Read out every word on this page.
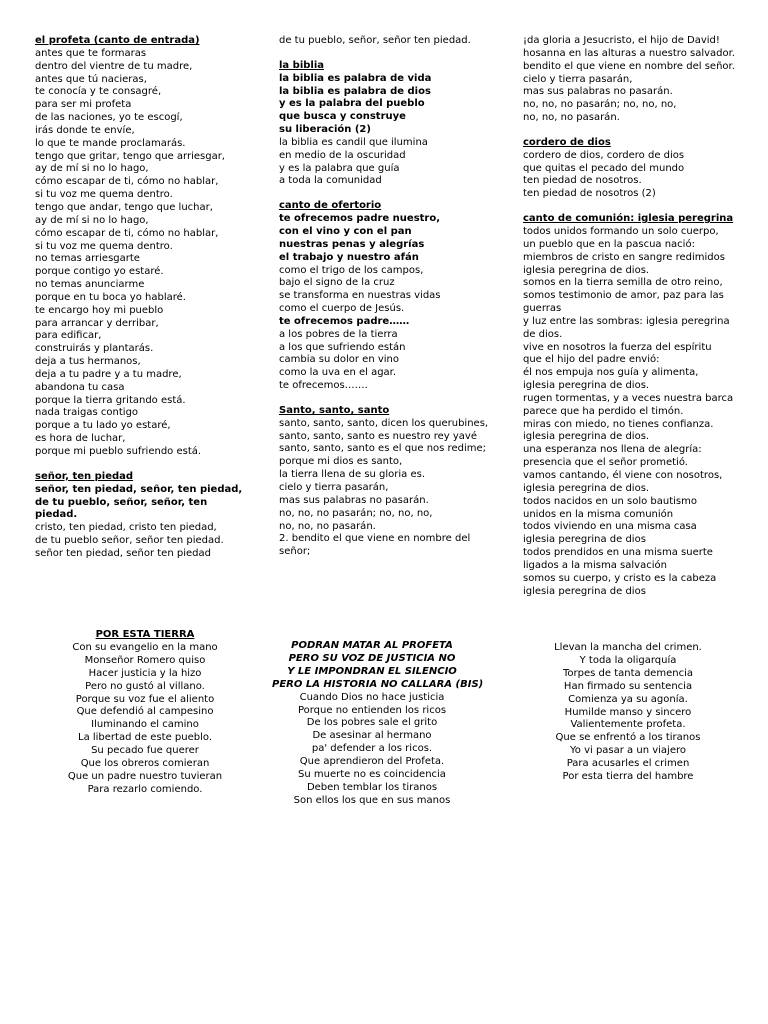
el profeta (canto de entrada)
antes que te formaras
dentro del vientre de tu madre,
antes que tú nacieras,
te conocía y te consagré,
para ser mi profeta
de las naciones, yo te escogí,
irás donde te envíe,
lo que te mande proclamarás.
tengo que gritar, tengo que arriesgar,
ay de mí si no lo hago,
cómo escapar de ti, cómo no hablar,
si tu voz me quema dentro.
tengo que andar, tengo que luchar,
ay de mí si no lo hago,
cómo escapar de ti, cómo no hablar,
si tu voz me quema dentro.
no temas arriesgarte
porque contigo yo estaré.
no temas anunciarme
porque en tu boca yo hablaré.
te encargo hoy mi pueblo
para arrancar y derribar,
para edificar,
construirás y plantarás.
deja a tus hermanos,
deja a tu padre y a tu madre,
abandona tu casa
porque la tierra gritando está.
nada traigas contigo
porque a tu lado yo estaré,
es hora de luchar,
porque mi pueblo sufriendo está.
señor, ten piedad
señor, ten piedad, señor, ten piedad,
de tu pueblo, señor, señor, ten
piedad.
cristo, ten piedad, cristo ten piedad,
de tu pueblo señor, señor ten piedad.
señor ten piedad, señor ten piedad
de tu pueblo, señor, señor ten piedad.
la biblia
la biblia es palabra de vida
la biblia es palabra de dios
y es la palabra del pueblo
que busca y construye
su liberación (2)
la biblia es candil que ilumina
en medio de la oscuridad
y es la palabra que guía
a toda la comunidad
canto de ofertorio
te ofrecemos padre nuestro,
con el vino y con el pan
nuestras penas y alegrías
el trabajo y nuestro afán
como el trigo de los campos,
bajo el signo de la cruz
se transforma en nuestras vidas
como el cuerpo de Jesús.
te ofrecemos padre……
a los pobres de la tierra
a los que sufriendo están
cambia su dolor en vino
como la uva en el agar.
te ofrecemos…….
Santo, santo, santo
santo, santo, santo, dicen los querubines,
santo, santo, santo es nuestro rey yavé
santo, santo, santo es el que nos redime;
porque mi dios es santo,
la tierra llena de su gloria es.
cielo y tierra pasarán,
mas sus palabras no pasarán.
no, no, no pasarán; no, no, no,
no, no, no pasarán.
2. bendito el que viene en nombre del
señor;
¡da gloria a Jesucristo, el hijo de David!
hosanna en las alturas a nuestro salvador.
bendito el que viene en nombre del señor.
cielo y tierra pasarán,
mas sus palabras no pasarán.
no, no, no pasarán; no, no, no,
no, no, no pasarán.
cordero de dios
cordero de dios, cordero de dios
que quitas el pecado del mundo
ten piedad de nosotros.
ten piedad de nosotros (2)
canto de comunión: iglesia peregrina
todos unidos formando un solo cuerpo,
un pueblo que en la pascua nació:
miembros de cristo en sangre redimidos
iglesia peregrina de dios.
somos en la tierra semilla de otro reino,
somos testimonio de amor, paz para las
guerras
y luz entre las sombras: iglesia peregrina
de dios.
vive en nosotros la fuerza del espíritu
que el hijo del padre envió:
él nos empuja nos guía y alimenta,
iglesia peregrina de dios.
rugen tormentas, y a veces nuestra barca
parece que ha perdido el timón.
miras con miedo, no tienes confianza.
iglesia peregrina de dios.
una esperanza nos llena de alegría:
presencia que el señor prometió.
vamos cantando, él viene con nosotros,
iglesia peregrina de dios.
todos nacidos en un solo bautismo
unidos en la misma comunión
todos viviendo en una misma casa
iglesia peregrina de dios
todos prendidos en una misma suerte
ligados a la misma salvación
somos su cuerpo, y cristo es la cabeza
iglesia peregrina de dios
POR ESTA TIERRA
Con su evangelio en la mano
Monseñor Romero quiso
Hacer justicia y la hizo
Pero no gustó al villano.
Porque su voz fue el aliento
Que defendió al campesino
Iluminando el camino
La libertad de este pueblo.
Su pecado fue querer
Que los obreros comieran
Que un padre nuestro tuvieran
Para rezarlo comiendo.
PODRAN MATAR AL PROFETA
PERO SU VOZ DE JUSTICIA NO
Y LE IMPONDRAN EL SILENCIO
PERO LA HISTORIA NO CALLARA (BIS)
Cuando Dios no hace justicia
Porque no entienden los ricos
De los pobres sale el grito
De asesinar al hermano
pa' defender a los ricos.
Que aprendieron del Profeta.
Su muerte no es coincidencia
Deben temblar los tiranos
Son ellos los que en sus manos
Llevan la mancha del crimen.
Y toda la oligarquía
Torpes de tanta demencia
Han firmado su sentencia
Comienza ya su agonía.
Humilde manso y sincero
Valientemente profeta.
Que se enfrentó a los tiranos
Yo vi pasar a un viajero
Para acusarles el crimen
Por esta tierra del hambre
